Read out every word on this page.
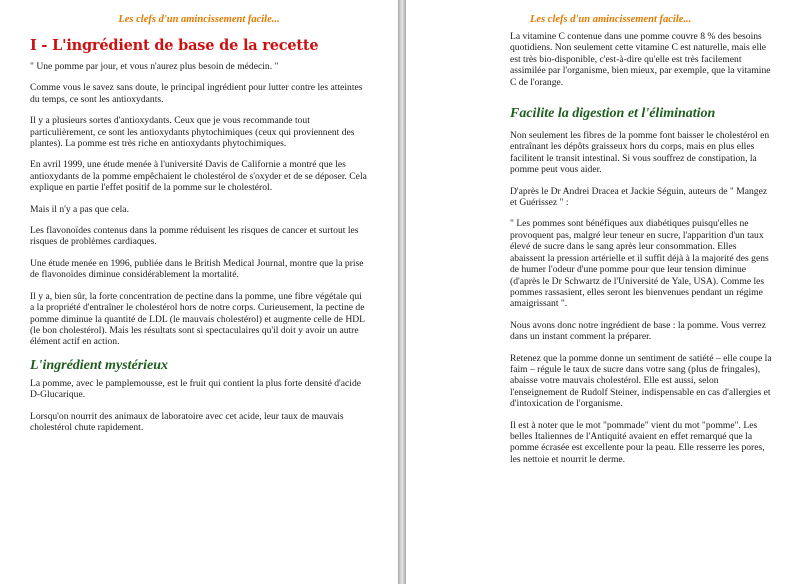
Les clefs d'un amincissement facile...
I - L'ingrédient de base de la recette

" Une pomme par jour, et vous n'aurez plus besoin de médecin. "

Comme vous le savez sans doute, le principal ingrédient pour lutter contre les atteintes du temps, ce sont les antioxydants.

Il y a plusieurs sortes d'antioxydants. Ceux que je vous recommande tout particulièrement, ce sont les antioxydants phytochimiques (ceux qui proviennent des plantes). La pomme est très riche en antioxydants phytochimiques.

En avril 1999, une étude menée à l'université Davis de Californie a montré que les antioxydants de la pomme empêchaient le cholestérol de s'oxyder et de se déposer. Cela explique en partie l'effet positif de la pomme sur le cholestérol.

Mais il n'y a pas que cela.

Les flavonoïdes contenus dans la pomme réduisent les risques de cancer et surtout les risques de problèmes cardiaques.

Une étude menée en 1996, publiée dans le British Medical Journal, montre que la prise de flavonoïdes diminue considérablement la mortalité.

Il y a, bien sûr, la forte concentration de pectine dans la pomme, une fibre végétale qui a la propriété d'entraîner le cholestérol hors de notre corps. Curieusement, la pectine de pomme diminue la quantité de LDL (le mauvais cholestérol) et augmente celle de HDL (le bon cholestérol). Mais les résultats sont si spectaculaires qu'il doit y avoir un autre élément actif en action.

L'ingrédient mystérieux

La pomme, avec le pamplemousse, est le fruit qui contient la plus forte densité d'acide D-Glucarique.

Lorsqu'on nourrit des animaux de laboratoire avec cet acide, leur taux de mauvais cholestérol chute rapidement.

Les clefs d'un amincissement facile...

La vitamine C contenue dans une pomme couvre 8 % des besoins quotidiens. Non seulement cette vitamine C est naturelle, mais elle est très bio-disponible, c'est-à-dire qu'elle est très facilement assimilée par l'organisme, bien mieux, par exemple, que la vitamine C de l'orange.

Facilite la digestion et l'élimination

Non seulement les fibres de la pomme font baisser le cholestérol en entraînant les dépôts graisseux hors du corps, mais en plus elles facilitent le transit intestinal. Si vous souffrez de constipation, la pomme peut vous aider.

D'après le Dr Andrei Dracea et Jackie Séguin, auteurs de " Mangez et Guérissez " :

" Les pommes sont bénéfiques aux diabétiques puisqu'elles ne provoquent pas, malgré leur teneur en sucre, l'apparition d'un taux élevé de sucre dans le sang après leur consommation. Elles abaissent la pression artérielle et il suffit déjà à la majorité des gens de humer l'odeur d'une pomme pour que leur tension diminue (d'après le Dr Schwartz de l'Université de Yale, USA). Comme les pommes rassasient, elles seront les bienvenues pendant un régime amaigrissant ".

Nous avons donc notre ingrédient de base : la pomme. Vous verrez dans un instant comment la préparer.

Retenez que la pomme donne un sentiment de satiété – elle coupe la faim – régule le taux de sucre dans votre sang (plus de fringales), abaisse votre mauvais cholestérol. Elle est aussi, selon l'enseignement de Rudolf Steiner, indispensable en cas d'allergies et d'intoxication de l'organisme.

Il est à noter que le mot "pommade" vient du mot "pomme". Les belles Italiennes de l'Antiquité avaient en effet remarqué que la pomme écrasée est excellente pour la peau. Elle resserre les pores, les nettoie et nourrit le derme.
